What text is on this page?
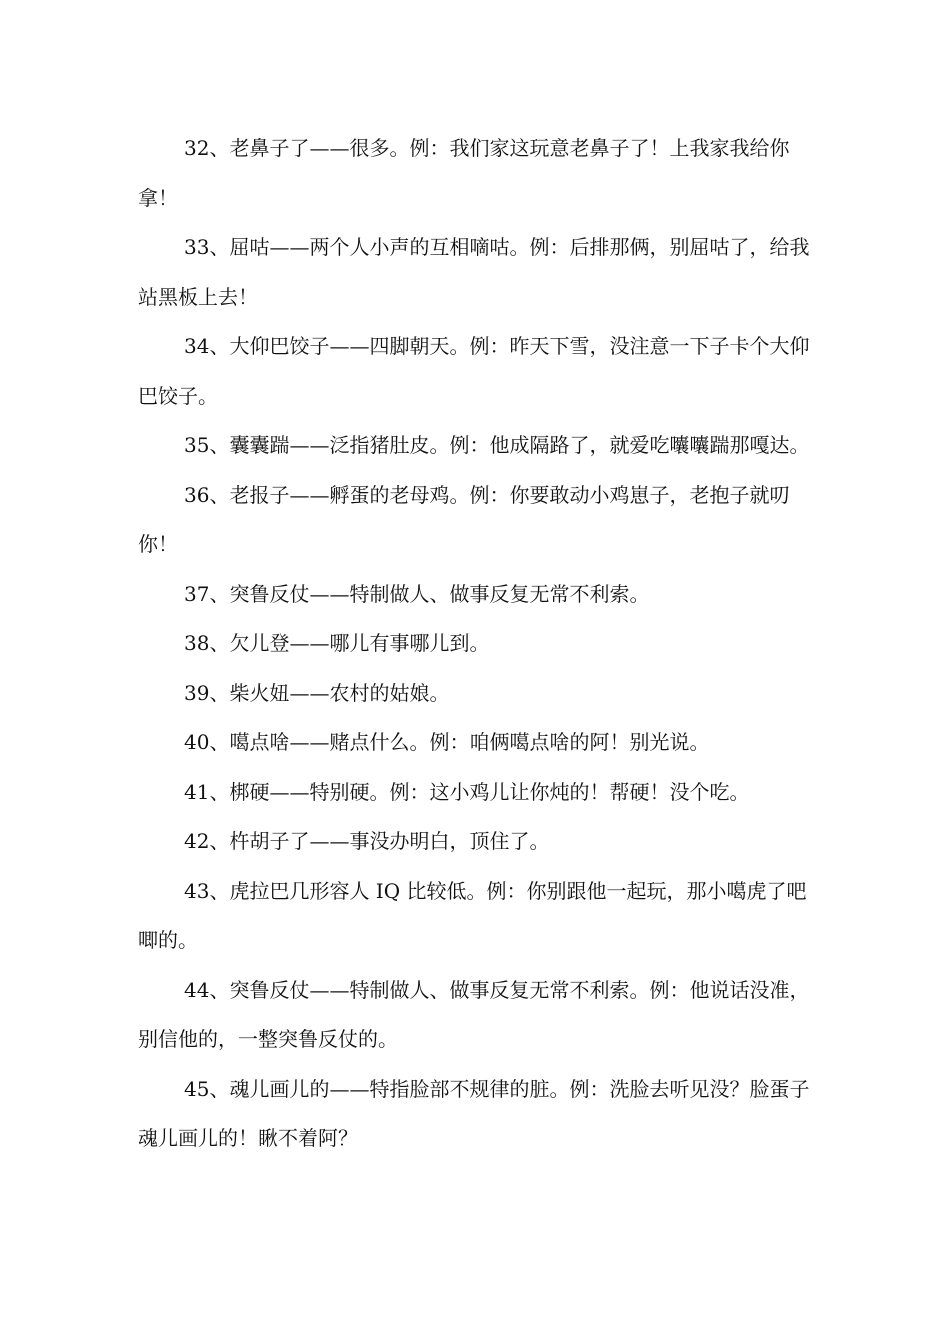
32、老鼻子了——很多。例：我们家这玩意老鼻子了！上我家我给你拿！

33、屈咕——两个人小声的互相嘀咕。例：后排那俩，别屈咕了，给我站黑板上去！

34、大仰巴饺子——四脚朝天。例：昨天下雪，没注意一下子卡个大仰巴饺子。

35、囊囊踹——泛指猪肚皮。例：他成隔路了，就爱吃囔囔踹那嘎达。

36、老报子——孵蛋的老母鸡。例：你要敢动小鸡崽子，老抱子就叨你！

37、突鲁反仗——特制做人、做事反复无常不利索。

38、欠儿登——哪儿有事哪儿到。

39、柴火妞——农村的姑娘。

40、噶点啥——赌点什么。例：咱俩噶点啥的阿！别光说。

41、梆硬——特别硬。例：这小鸡儿让你炖的！帮硬！没个吃。

42、杵胡子了——事没办明白，顶住了。

43、虎拉巴几形容人 IQ 比较低。例：你别跟他一起玩，那小噶虎了吧唧的。

44、突鲁反仗——特制做人、做事反复无常不利索。例：他说话没准，别信他的，一整突鲁反仗的。

45、魂儿画儿的——特指脸部不规律的脏。例：洗脸去听见没？脸蛋子魂儿画儿的！瞅不着阿？
